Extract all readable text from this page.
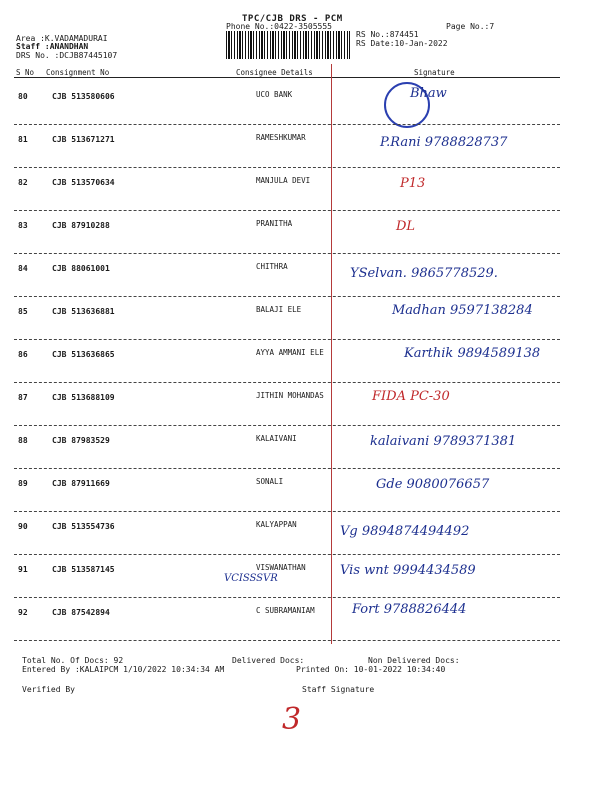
TPC/CJB DRS - PCM
Phone No.:0422-3505555	Page No.:7
Area :K.VADAMADURAI
Staff :ANANDHAN
DRS No. :DCJB87445107
RS No.:874451
RS Date:10-Jan-2022
S No Consignment No	Consignee Details	Signature
80	CJB 513580606	UCO BANK	Bhaw
81	CJB 513671271	RAMESHKUMAR	P.Rani 9788828737
82	CJB 513570634	MANJULA DEVI	P13
83	CJB 87910288	PRANITHA	DL
84	CJB 88061001	CHITHRA	YSelvan. 9865778529.
85	CJB 513636881	BALAJI ELE	Madhan 9597138284
86	CJB 513636865	AYYA AMMANI ELE	Karthik 9894589138
87	CJB 513688109	JITHIN MOHANDAS	FIDA PC-30
88	CJB 87983529	KALAIVANI	kalaivani 9789371381
89	CJB 87911669	SONALI	Gde 9080076657
90	CJB 513554736	KALYAPPAN	Vg 9894874494492
91	CJB 513587145	VISWANATHAN	Vis wnt 9994434589
VCISSSVR
92	CJB 87542894	C SUBRAMANIAM	Fort 9788826444
Total No. Of Docs: 92	Delivered Docs:	Non Delivered Docs:
Entered By :KALAIPCM 1/10/2022 10:34:34 AM	Printed On: 10-01-2022 10:34:40
Verified By	Staff Signature
3
